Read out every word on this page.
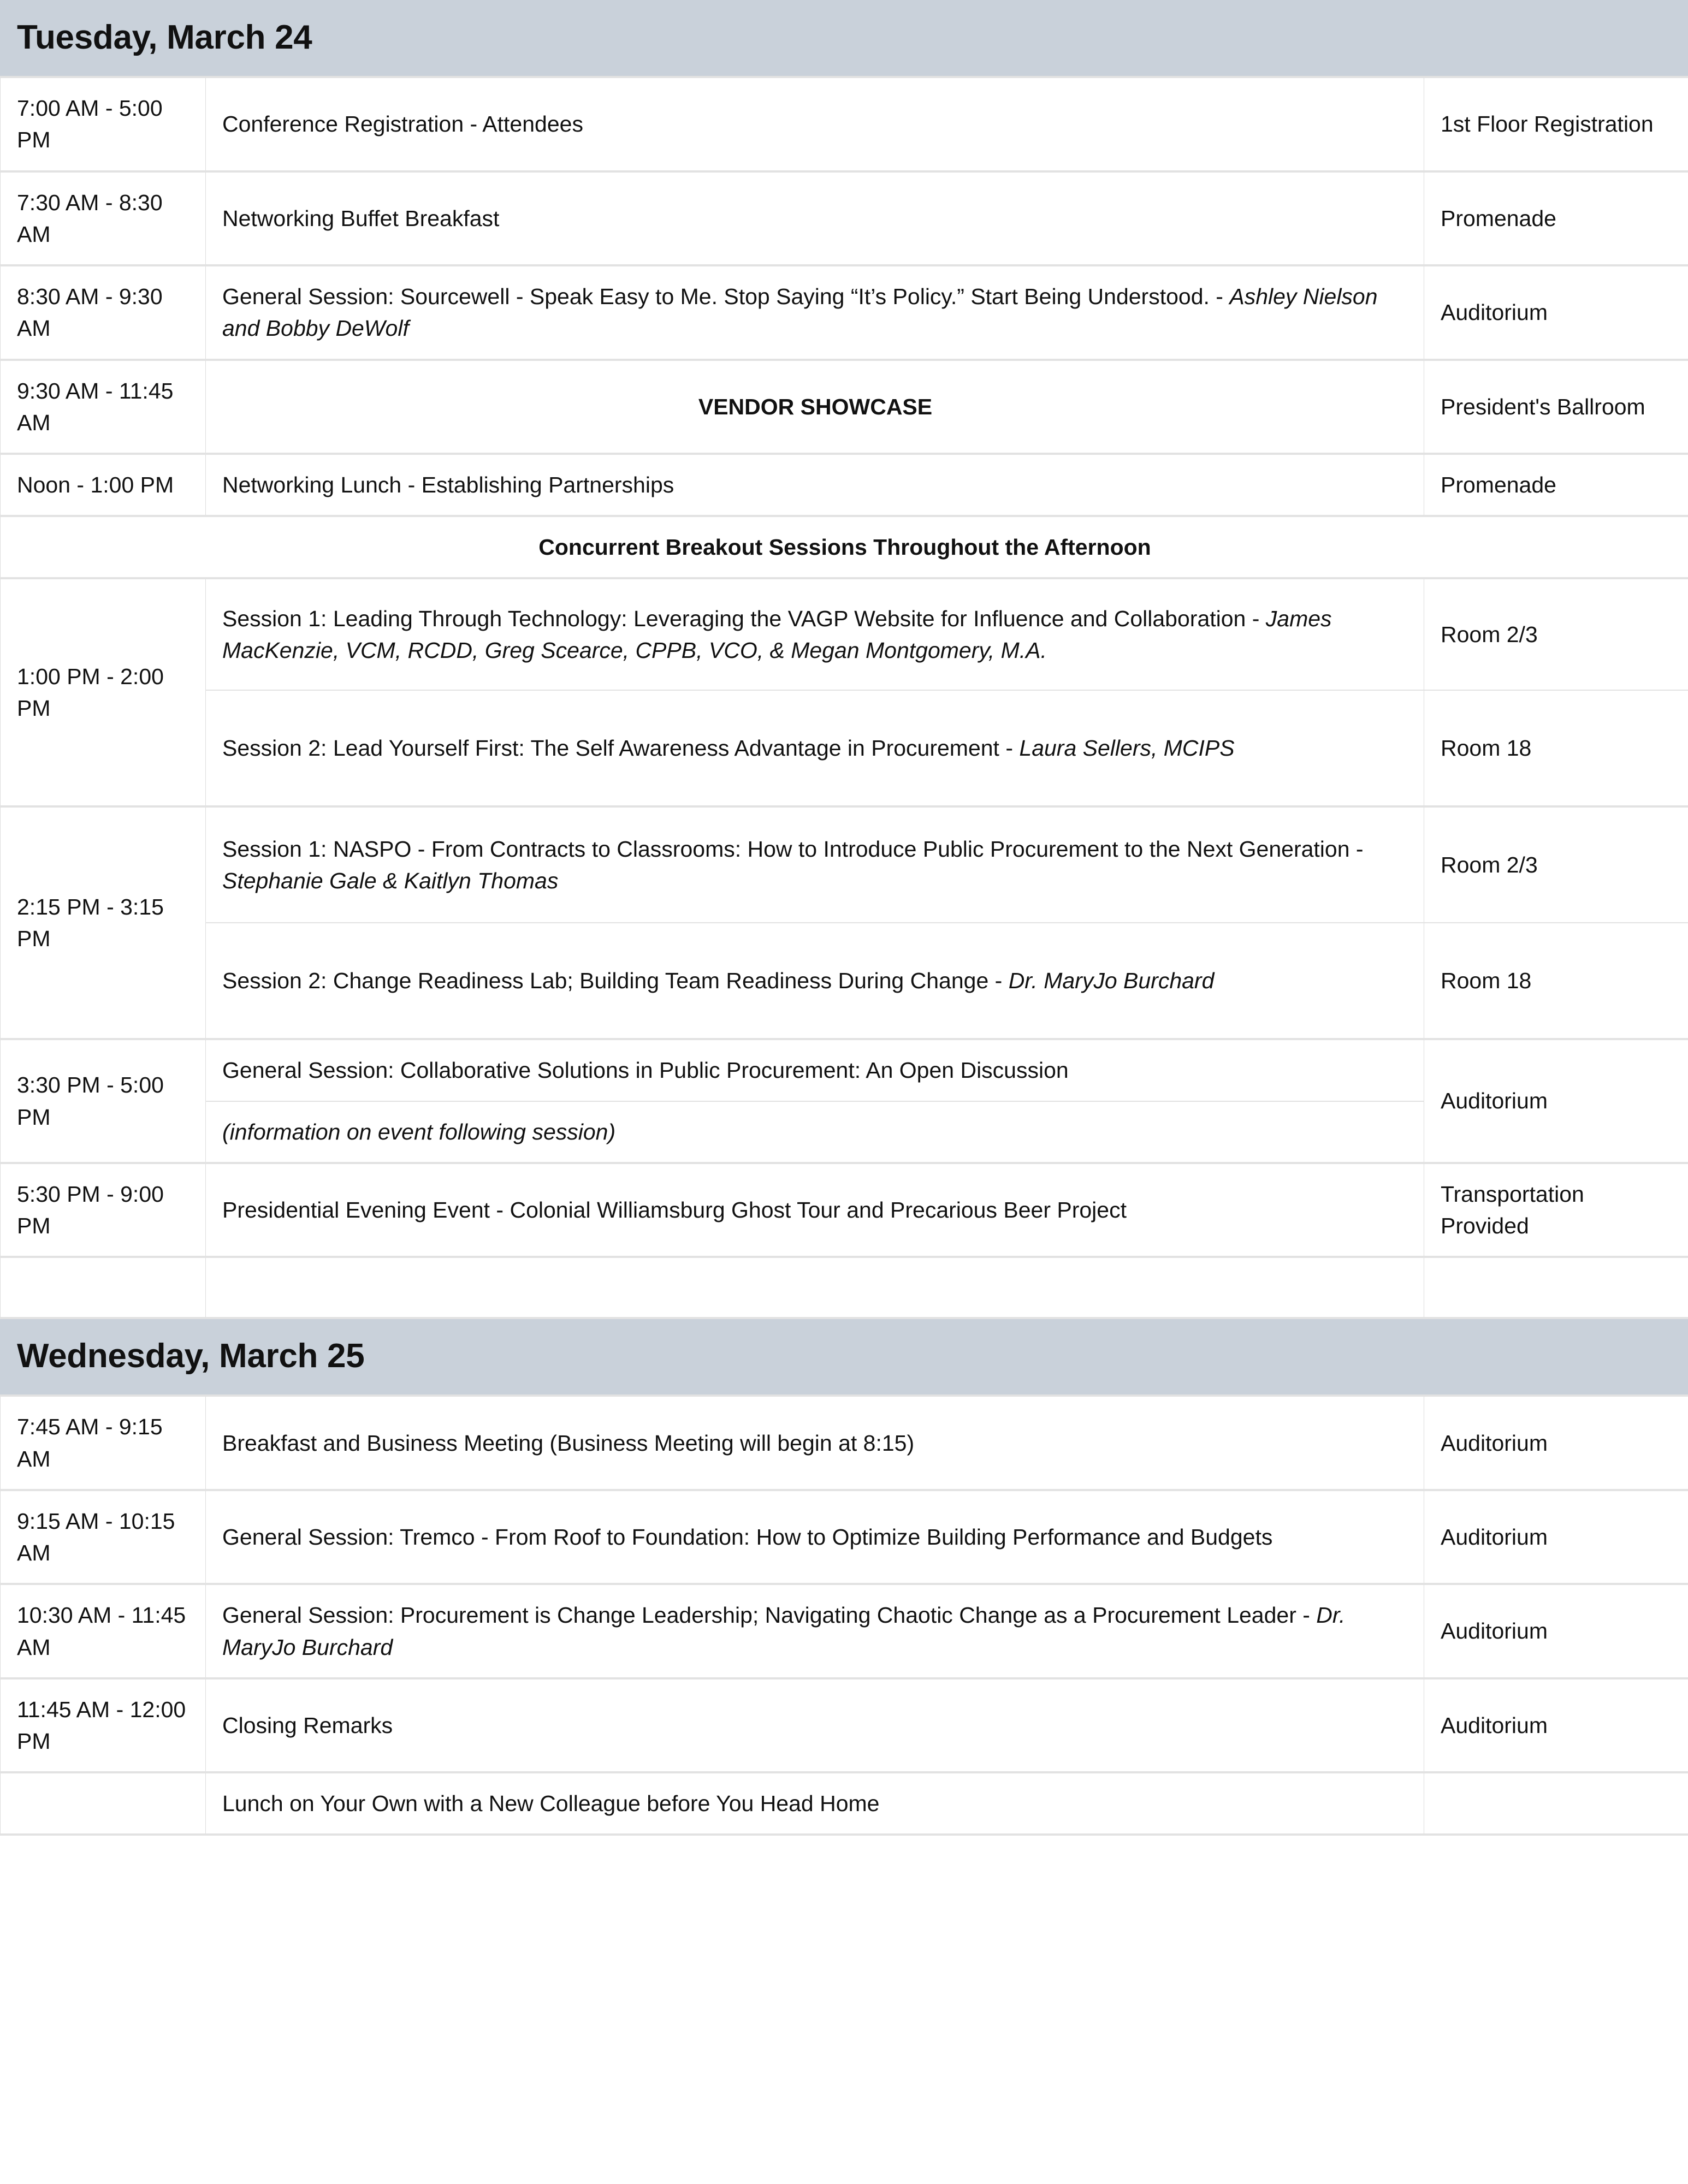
Tuesday, March 24		

7:00 AM - 5:00 PM	Conference Registration - Attendees	1st Floor Registration
7:30 AM - 8:30 AM	Networking Buffet Breakfast	Promenade
8:30 AM - 9:30 AM	General Session: Sourcewell - Speak Easy to Me. Stop Saying “It’s Policy.” Start Being Understood. - Ashley Nielson and Bobby DeWolf	Auditorium
9:30 AM - 11:45 AM	VENDOR SHOWCASE	President's Ballroom
Noon - 1:00 PM	Networking Lunch - Establishing Partnerships	Promenade
Concurrent Breakout Sessions Throughout the Afternoon		
1:00 PM - 2:00 PM	Session 1: Leading Through Technology: Leveraging the VAGP Website for Influence and Collaboration - James MacKenzie, VCM, RCDD, Greg Scearce, CPPB, VCO, & Megan Montgomery, M.A.	Room 2/3
	Session 2: Lead Yourself First: The Self Awareness Advantage in Procurement - Laura Sellers, MCIPS	Room 18
2:15 PM - 3:15 PM	Session 1: NASPO - From Contracts to Classrooms: How to Introduce Public Procurement to the Next Generation - Stephanie Gale & Kaitlyn Thomas	Room 2/3
	Session 2: Change Readiness Lab; Building Team Readiness During Change - Dr. MaryJo Burchard	Room 18
3:30 PM - 5:00 PM	General Session: Collaborative Solutions in Public Procurement: An Open Discussion	Auditorium
	(information on event following session)	
5:30 PM - 9:00 PM	Presidential Evening Event - Colonial Williamsburg Ghost Tour and Precarious Beer Project	Transportation Provided

Wednesday, March 25		

7:45 AM - 9:15 AM	Breakfast and Business Meeting (Business Meeting will begin at 8:15)	Auditorium
9:15 AM - 10:15 AM	General Session: Tremco - From Roof to Foundation: How to Optimize Building Performance and Budgets	Auditorium
10:30 AM - 11:45 AM	General Session: Procurement is Change Leadership; Navigating Chaotic Change as a Procurement Leader - Dr. MaryJo Burchard	Auditorium
11:45 AM - 12:00 PM	Closing Remarks	Auditorium
	Lunch on Your Own with a New Colleague before You Head Home	
